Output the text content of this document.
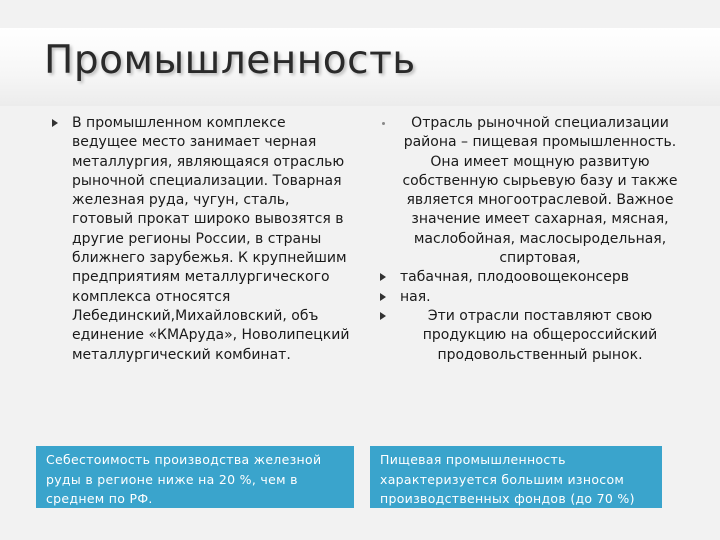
Промышленность
В промышленном комплексе ведущее место занимает черная металлургия, являющаяся отраслью рыночной специализации. Товарная железная руда, чугун, сталь, готовый прокат широко вывозятся в другие регионы России, в страны ближнего зарубежья. К крупнейшим предприятиям металлургического комплекса относятся Лебединский,Михайловский, объ единение «КМАруда», Новолипецкий металлургический комбинат.
Отрасль рыночной специализации района – пищевая промышленность. Она имеет мощную развитую собственную сырьевую базу и также является многоотраслевой. Важное значение имеет сахарная, мясная, маслобойная, маслосыродельная, спиртовая,
табачная, плодоовощеконсерв
ная.
Эти отрасли поставляют свою продукцию на общероссийский продовольственный рынок.
Себестоимость производства железной руды в регионе ниже на 20 %, чем в среднем по РФ.
Пищевая промышленность характеризуется большим износом производственных фондов (до 70 %)
